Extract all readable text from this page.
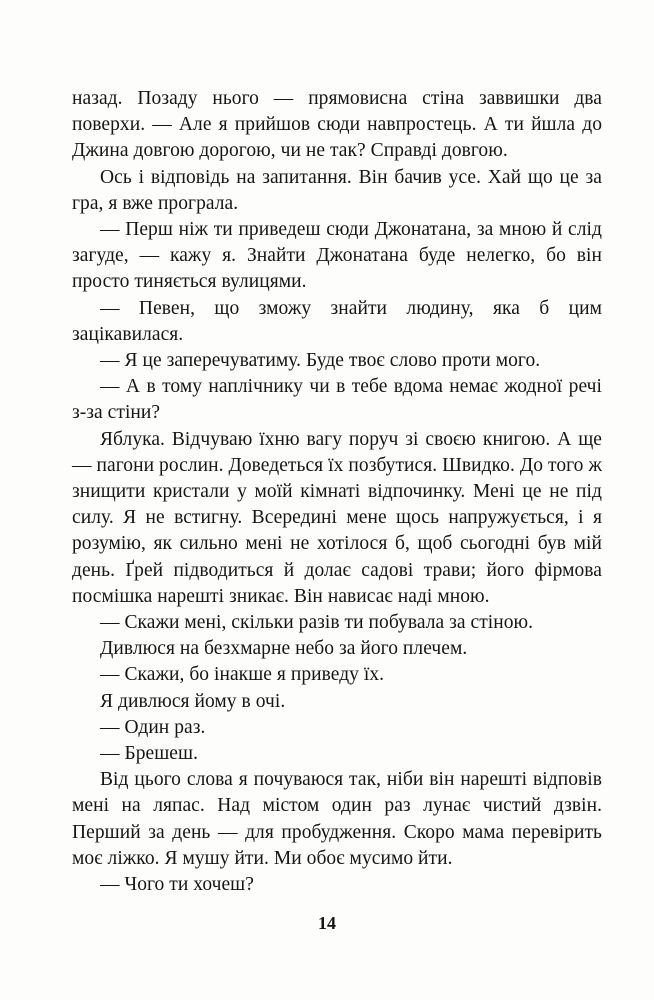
назад. Позаду нього — прямовисна стіна заввишки два поверхи. — Але я прийшов сюди навпростець. А ти йшла до Джина довгою дорогою, чи не так? Справді довгою.

Ось і відповідь на запитання. Він бачив усе. Хай що це за гра, я вже програла.

— Перш ніж ти приведеш сюди Джонатана, за мною й слід загуде, — кажу я. Знайти Джонатана буде нелегко, бо він просто тиняється вулицями.

— Певен, що зможу знайти людину, яка б цим зацікавилася.

— Я це заперечуватиму. Буде твоє слово проти мого.

— А в тому наплічнику чи в тебе вдома немає жодної речі з-за стіни?

Яблука. Відчуваю їхню вагу поруч зі своєю книгою. А ще — пагони рослин. Доведеться їх позбутися. Швидко. До того ж знищити кристали у моїй кімнаті відпочинку. Мені це не під силу. Я не встигну. Всередині мене щось напружується, і я розумію, як сильно мені не хотілося б, щоб сьогодні був мій день. Ґрей підводиться й долає садові трави; його фірмова посмішка нарешті зникає. Він нависає наді мною.

— Скажи мені, скільки разів ти побувала за стіною.

Дивлюся на безхмарне небо за його плечем.

— Скажи, бо інакше я приведу їх.

Я дивлюся йому в очі.

— Один раз.

— Брешеш.

Від цього слова я почуваюся так, ніби він нарешті відповів мені на ляпас. Над містом один раз лунає чистий дзвін. Перший за день — для пробудження. Скоро мама перевірить моє ліжко. Я мушу йти. Ми обоє мусимо йти.

— Чого ти хочеш?

14
